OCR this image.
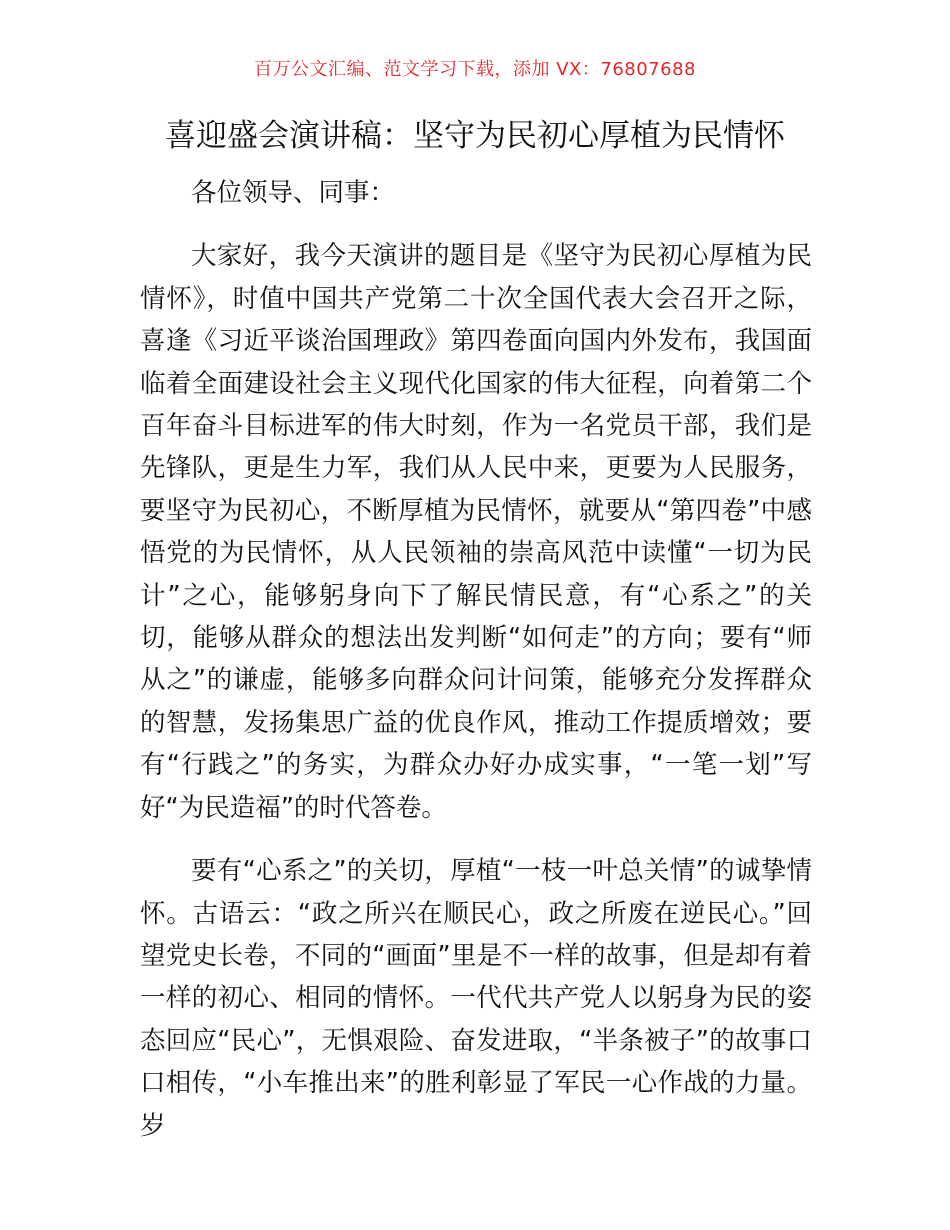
百万公文汇编、范文学习下载，添加 VX：76807688
喜迎盛会演讲稿：坚守为民初心厚植为民情怀

各位领导、同事：

大家好，我今天演讲的题目是《坚守为民初心厚植为民情怀》，时值中国共产党第二十次全国代表大会召开之际，喜逢《习近平谈治国理政》第四卷面向国内外发布，我国面临着全面建设社会主义现代化国家的伟大征程，向着第二个百年奋斗目标进军的伟大时刻，作为一名党员干部，我们是先锋队，更是生力军，我们从人民中来，更要为人民服务，要坚守为民初心，不断厚植为民情怀，就要从“第四卷”中感悟党的为民情怀，从人民领袖的崇高风范中读懂“一切为民计”之心，能够躬身向下了解民情民意，有“心系之”的关切，能够从群众的想法出发判断“如何走”的方向；要有“师从之”的谦虚，能够多向群众问计问策，能够充分发挥群众的智慧，发扬集思广益的优良作风，推动工作提质增效；要有“行践之”的务实，为群众办好办成实事，“一笔一划”写好“为民造福”的时代答卷。

要有“心系之”的关切，厚植“一枝一叶总关情”的诚挚情怀。古语云：“政之所兴在顺民心，政之所废在逆民心。”回望党史长卷，不同的“画面”里是不一样的故事，但是却有着一样的初心、相同的情怀。一代代共产党人以躬身为民的姿态回应“民心”，无惧艰险、奋发进取，“半条被子”的故事口口相传，“小车推出来”的胜利彰显了军民一心作战的力量。岁
